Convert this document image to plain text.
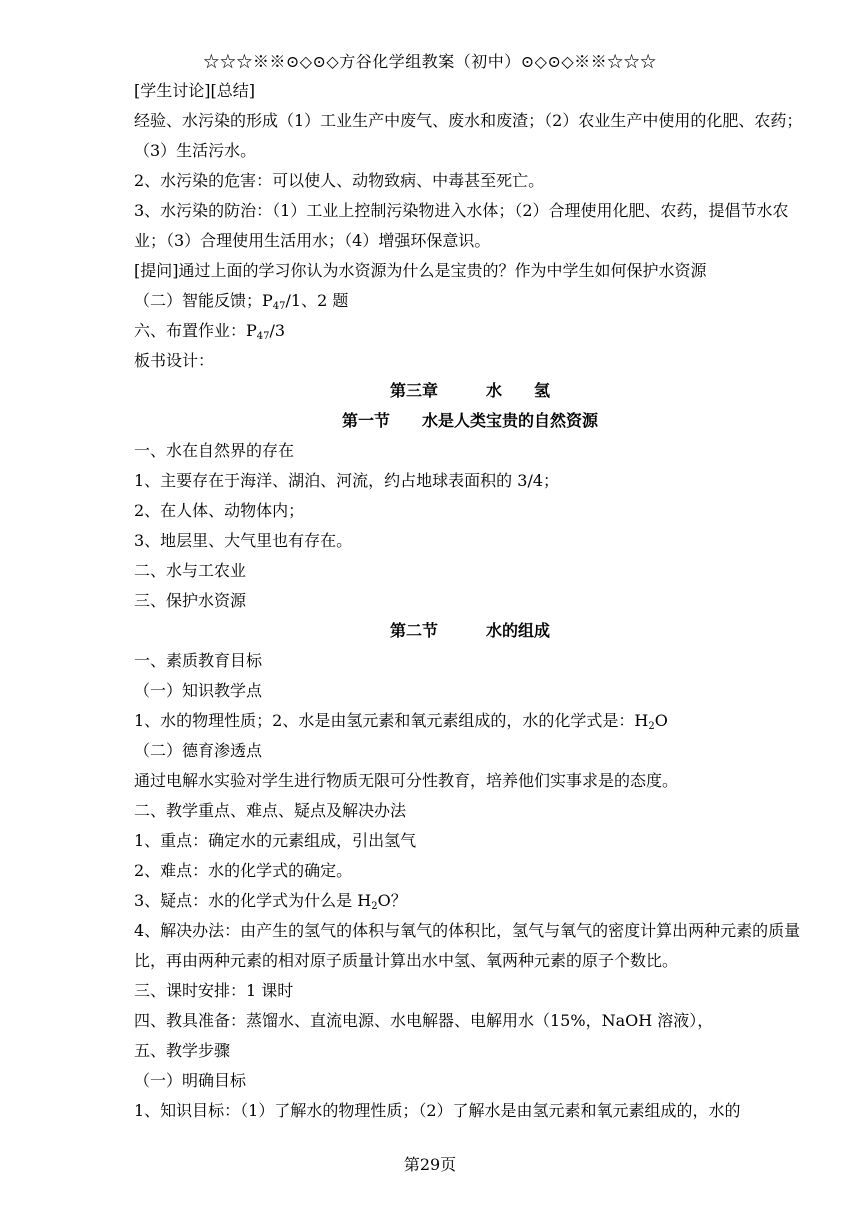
☆☆☆※※⊙◇⊙◇方谷化学组教案（初中）⊙◇⊙◇※※☆☆☆
[学生讨论][总结]
经验、水污染的形成（1）工业生产中废气、废水和废渣；（2）农业生产中使用的化肥、农药；（3）生活污水。
2、水污染的危害：可以使人、动物致病、中毒甚至死亡。
3、水污染的防治：（1）工业上控制污染物进入水体；（2）合理使用化肥、农药，提倡节水农业；（3）合理使用生活用水；（4）增强环保意识。
[提问]通过上面的学习你认为水资源为什么是宝贵的？作为中学生如何保护水资源
（二）智能反馈；$P_{47}/1$、2 题
六、布置作业：$P_{47}/3$
板书设计：
第三章　　　水　　氢
第一节　　水是人类宝贵的自然资源
一、水在自然界的存在
1、主要存在于海洋、湖泊、河流，约占地球表面积的 3/4；
2、在人体、动物体内；
3、地层里、大气里也有存在。
二、水与工农业
三、保护水资源
第二节　　　水的组成
一、素质教育目标
（一）知识教学点
1、水的物理性质；2、水是由氢元素和氧元素组成的，水的化学式是：$H_2O$
（二）德育渗透点
通过电解水实验对学生进行物质无限可分性教育，培养他们实事求是的态度。
二、教学重点、难点、疑点及解决办法
1、重点：确定水的元素组成，引出氢气
2、难点：水的化学式的确定。
3、疑点：水的化学式为什么是 $H_2O$？
4、解决办法：由产生的氢气的体积与氧气的体积比，氢气与氧气的密度计算出两种元素的质量比，再由两种元素的相对原子质量计算出水中氢、氧两种元素的原子个数比。
三、课时安排：1 课时
四、教具准备：蒸馏水、直流电源、水电解器、电解用水（15%，NaOH 溶液），
五、教学步骤
（一）明确目标
1、知识目标：（1）了解水的物理性质；（2）了解水是由氢元素和氧元素组成的，水的
第29页
